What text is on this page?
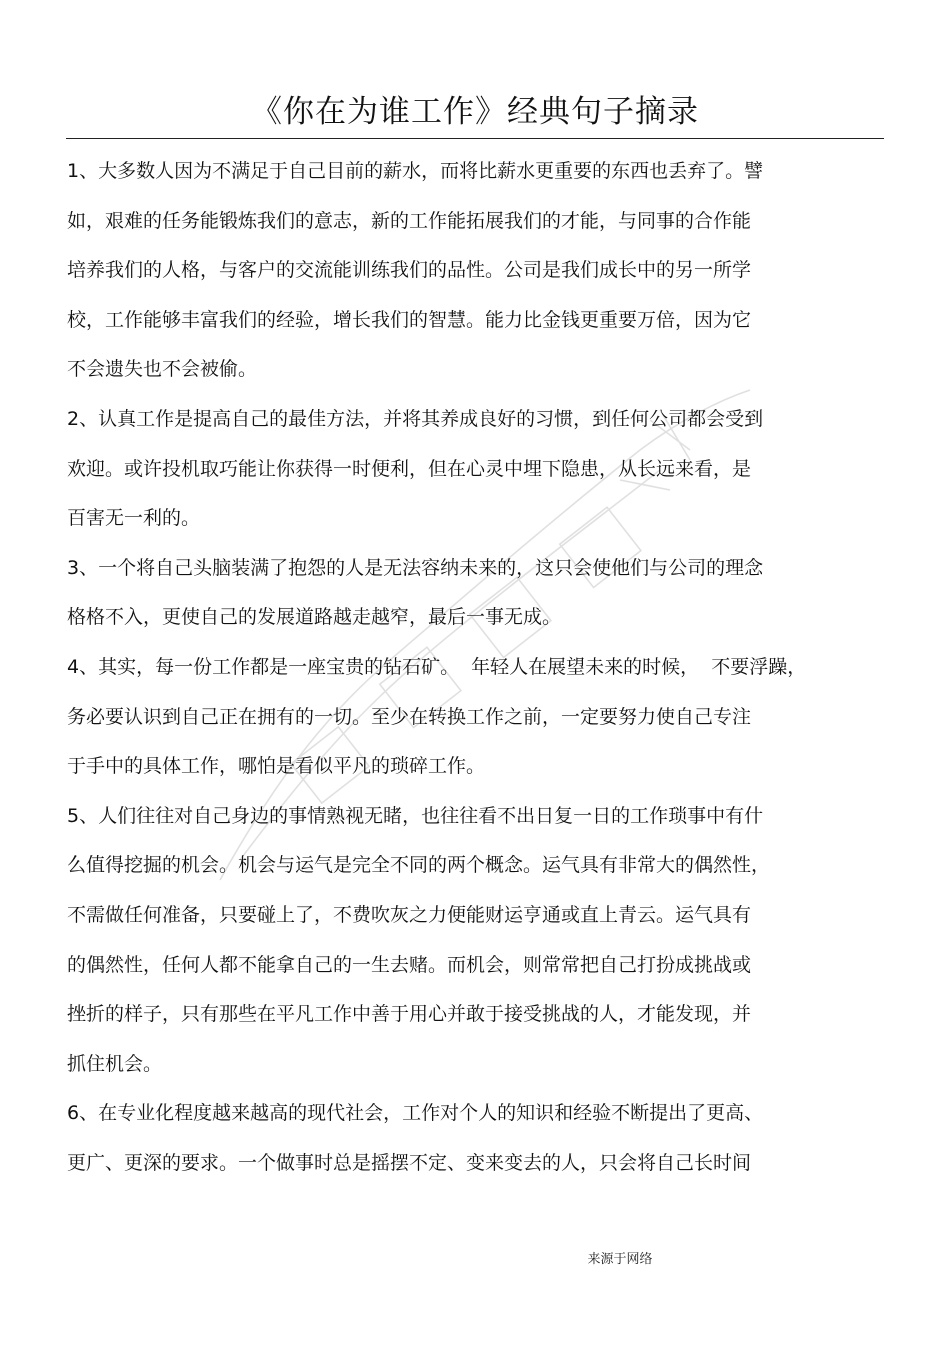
《你在为谁工作》经典句子摘录
1、大多数人因为不满足于自己目前的薪水，而将比薪水更重要的东西也丢弃了。譬
如，艰难的任务能锻炼我们的意志，新的工作能拓展我们的才能，与同事的合作能
培养我们的人格，与客户的交流能训练我们的品性。公司是我们成长中的另一所学
校，工作能够丰富我们的经验，增长我们的智慧。能力比金钱更重要万倍，因为它
不会遗失也不会被偷。
2、认真工作是提高自己的最佳方法，并将其养成良好的习惯，到任何公司都会受到
欢迎。或许投机取巧能让你获得一时便利，但在心灵中埋下隐患，从长远来看，是
百害无一利的。
3、一个将自己头脑装满了抱怨的人是无法容纳未来的，这只会使他们与公司的理念
格格不入，更使自己的发展道路越走越窄，最后一事无成。
4、其实，每一份工作都是一座宝贵的钻石矿。  年轻人在展望未来的时候，  不要浮躁，
务必要认识到自己正在拥有的一切。至少在转换工作之前，一定要努力使自己专注
于手中的具体工作，哪怕是看似平凡的琐碎工作。
5、人们往往对自己身边的事情熟视无睹，也往往看不出日复一日的工作琐事中有什
么值得挖掘的机会。机会与运气是完全不同的两个概念。运气具有非常大的偶然性，
不需做任何准备，只要碰上了，不费吹灰之力便能财运亨通或直上青云。运气具有
的偶然性，任何人都不能拿自己的一生去赌。而机会，则常常把自己打扮成挑战或
挫折的样子，只有那些在平凡工作中善于用心并敢于接受挑战的人，才能发现，并
抓住机会。
6、在专业化程度越来越高的现代社会，工作对个人的知识和经验不断提出了更高、
更广、更深的要求。一个做事时总是摇摆不定、变来变去的人，只会将自己长时间
来源于网络
